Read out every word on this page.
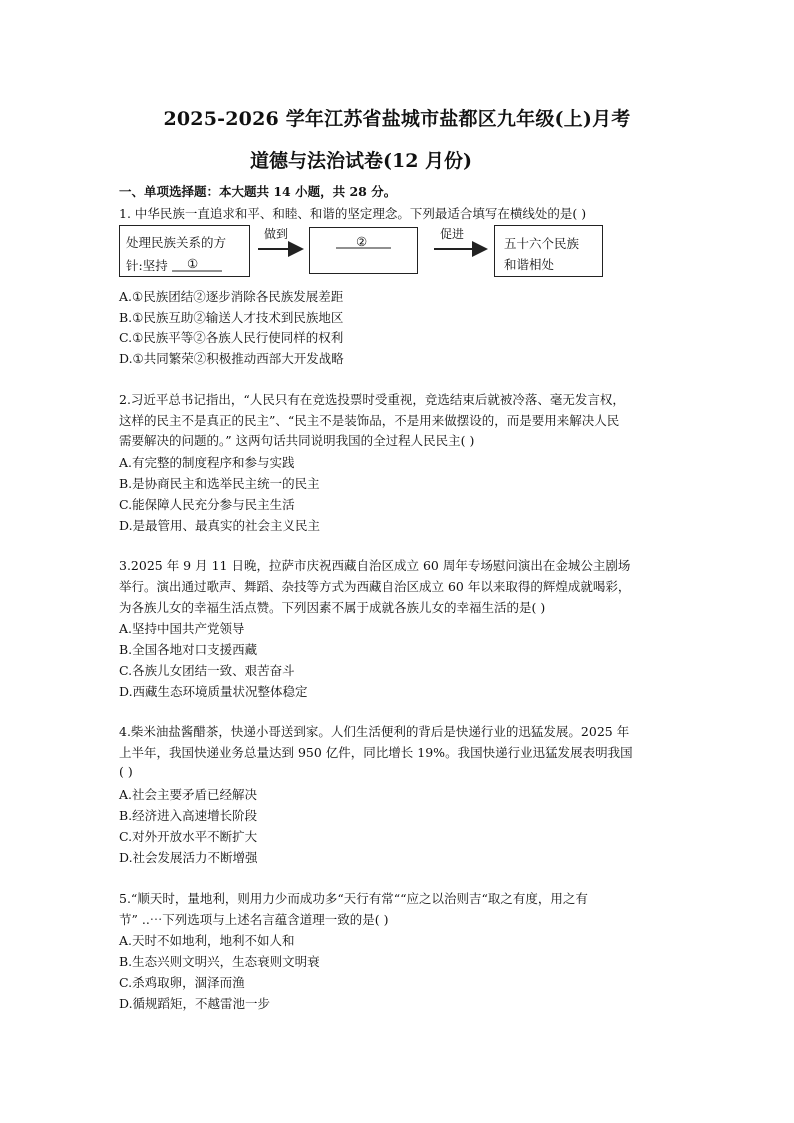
2025-2026 学年江苏省盐城市盐都区九年级(上)月考
道德与法治试卷(12 月份)
一、单项选择题：本大题共 14 小题，共 28 分。
1. 中华民族一直追求和平、和睦、和谐的坚定理念。下列最适合填写在横线处的是( )
处理民族关系的方
针:坚持 ①
做到	②	促进
五十六个民族
和谐相处
A.①民族团结②逐步消除各民族发展差距
B.①民族互助②输送人才技术到民族地区
C.①民族平等②各族人民行使同样的权利
D.①共同繁荣②积极推动西部大开发战略
2.习近平总书记指出，“人民只有在竞选投票时受重视，竞选结束后就被冷落、毫无发言权，
这样的民主不是真正的民主”、“民主不是装饰品，不是用来做摆设的，而是要用来解决人民
需要解决的问题的。” 这两句话共同说明我国的全过程人民民主( )
A.有完整的制度程序和参与实践
B.是协商民主和选举民主统一的民主
C.能保障人民充分参与民主生活
D.是最管用、最真实的社会主义民主
3.2025 年 9 月 11 日晚，拉萨市庆祝西藏自治区成立 60 周年专场慰问演出在金城公主剧场
举行。演出通过歌声、舞蹈、杂技等方式为西藏自治区成立 60 年以来取得的辉煌成就喝彩，
为各族儿女的幸福生活点赞。下列因素不属于成就各族儿女的幸福生活的是( )
A.坚持中国共产党领导
B.全国各地对口支援西藏
C.各族儿女团结一致、艰苦奋斗
D.西藏生态环境质量状况整体稳定
4.柴米油盐酱醋茶，快递小哥送到家。人们生活便利的背后是快递行业的迅猛发展。2025 年
上半年，我国快递业务总量达到 950 亿件，同比增长 19%。我国快递行业迅猛发展表明我国
( )
A.社会主要矛盾已经解决
B.经济进入高速增长阶段
C.对外开放水平不断扩大
D.社会发展活力不断增强
5.“顺天时，量地利，则用力少而成功多“天行有常““应之以治则吉“取之有度，用之有
节” ..⋯下列选项与上述名言蕴含道理一致的是( )
A.天时不如地利，地利不如人和
B.生态兴则文明兴，生态衰则文明衰
C.杀鸡取卵，涸泽而渔
D.循规蹈矩，不越雷池一步
